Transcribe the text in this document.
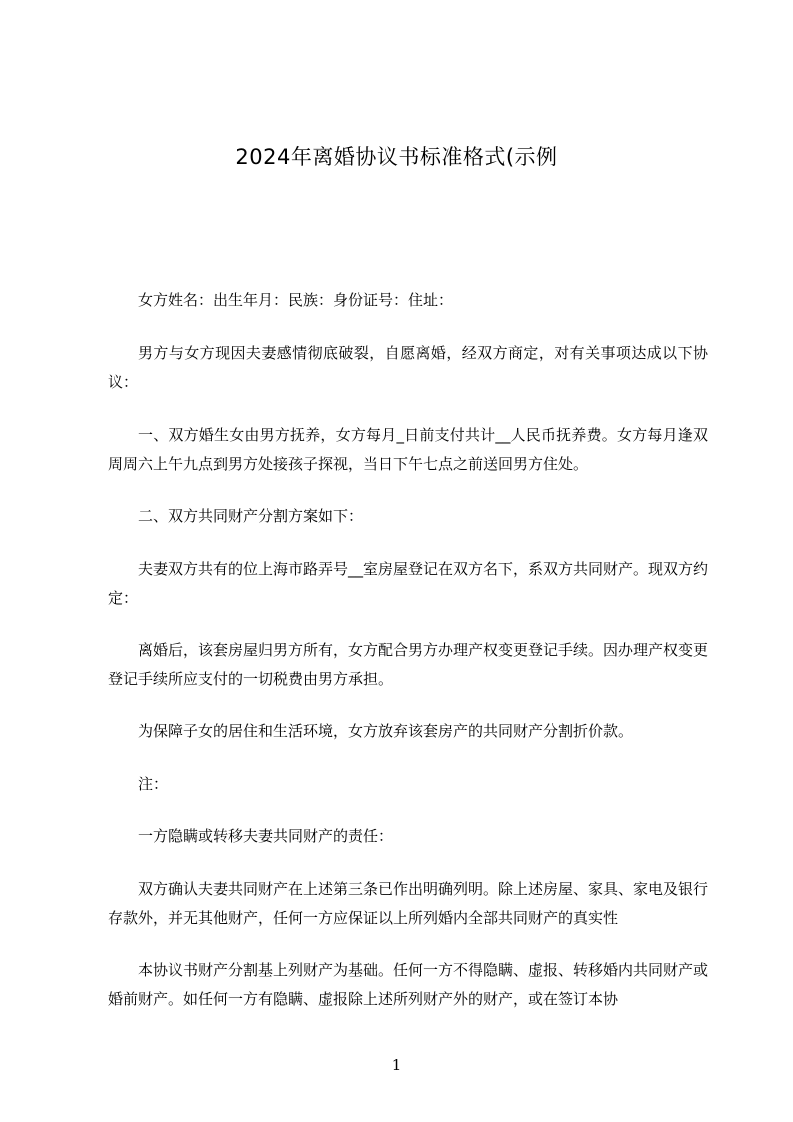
2024年离婚协议书标准格式(示例

女方姓名：出生年月：民族：身份证号：住址：

男方与女方现因夫妻感情彻底破裂，自愿离婚，经双方商定，对有关事项达成以下协议：

一、双方婚生女由男方抚养，女方每月_日前支付共计__人民币抚养费。女方每月逢双周周六上午九点到男方处接孩子探视，当日下午七点之前送回男方住处。

二、双方共同财产分割方案如下：

夫妻双方共有的位上海市路弄号__室房屋登记在双方名下，系双方共同财产。现双方约定：

离婚后，该套房屋归男方所有，女方配合男方办理产权变更登记手续。因办理产权变更登记手续所应支付的一切税费由男方承担。

为保障子女的居住和生活环境，女方放弃该套房产的共同财产分割折价款。

注：

一方隐瞒或转移夫妻共同财产的责任：

双方确认夫妻共同财产在上述第三条已作出明确列明。除上述房屋、家具、家电及银行存款外，并无其他财产，任何一方应保证以上所列婚内全部共同财产的真实性

本协议书财产分割基上列财产为基础。任何一方不得隐瞒、虚报、转移婚内共同财产或婚前财产。如任何一方有隐瞒、虚报除上述所列财产外的财产，或在签订本协

1
